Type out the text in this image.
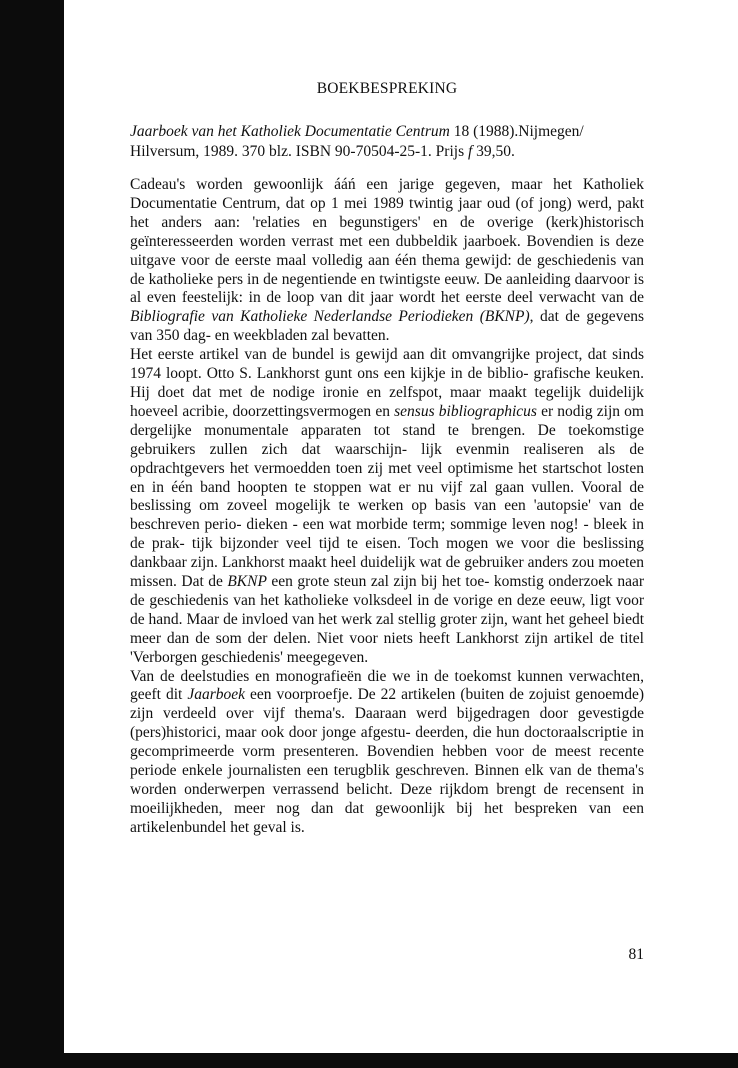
BOEKBESPREKING
Jaarboek van het Katholiek Documentatie Centrum 18 (1988).Nijmegen/
Hilversum, 1989. 370 blz. ISBN 90-70504-25-1. Prijs f 39,50.

Cadeau's worden gewoonlijk ááń een jarige gegeven, maar het Katholiek Documentatie Centrum, dat op 1 mei 1989 twintig jaar oud (of jong) werd, pakt het anders aan: 'relaties en begunstigers' en de overige (kerk)historisch geïnteresseerden worden verrast met een dubbeldik jaarboek. Bovendien is deze uitgave voor de eerste maal volledig aan één thema gewijd: de geschiedenis van de katholieke pers in de negentiende en twintigste eeuw. De aanleiding daarvoor is al even feestelijk: in de loop van dit jaar wordt het eerste deel verwacht van de Bibliografie van Katholieke Nederlandse Periodieken (BKNP), dat de gegevens van 350 dag- en weekbladen zal bevatten.

Het eerste artikel van de bundel is gewijd aan dit omvangrijke project, dat sinds 1974 loopt. Otto S. Lankhorst gunt ons een kijkje in de biblio- grafische keuken. Hij doet dat met de nodige ironie en zelfspot, maar maakt tegelijk duidelijk hoeveel acribie, doorzettingsvermogen en sensus bibliographicus er nodig zijn om dergelijke monumentale apparaten tot stand te brengen. De toekomstige gebruikers zullen zich dat waarschijn- lijk evenmin realiseren als de opdrachtgevers het vermoedden toen zij met veel optimisme het startschot losten en in één band hoopten te stoppen wat er nu vijf zal gaan vullen. Vooral de beslissing om zoveel mogelijk te werken op basis van een 'autopsie' van de beschreven perio- dieken - een wat morbide term; sommige leven nog! - bleek in de prak- tijk bijzonder veel tijd te eisen. Toch mogen we voor die beslissing dankbaar zijn. Lankhorst maakt heel duidelijk wat de gebruiker anders zou moeten missen. Dat de BKNP een grote steun zal zijn bij het toe- komstig onderzoek naar de geschiedenis van het katholieke volksdeel in de vorige en deze eeuw, ligt voor de hand. Maar de invloed van het werk zal stellig groter zijn, want het geheel biedt meer dan de som der delen. Niet voor niets heeft Lankhorst zijn artikel de titel 'Verborgen geschiedenis' meegegeven.

Van de deelstudies en monografieën die we in de toekomst kunnen verwachten, geeft dit Jaarboek een voorproefje. De 22 artikelen (buiten de zojuist genoemde) zijn verdeeld over vijf thema's. Daaraan werd bijgedragen door gevestigde (pers)historici, maar ook door jonge afgestu- deerden, die hun doctoraalscriptie in gecomprimeerde vorm presenteren. Bovendien hebben voor de meest recente periode enkele journalisten een terugblik geschreven. Binnen elk van de thema's worden onderwerpen verrassend belicht. Deze rijkdom brengt de recensent in moeilijkheden, meer nog dan dat gewoonlijk bij het bespreken van een artikelenbundel het geval is.

81
